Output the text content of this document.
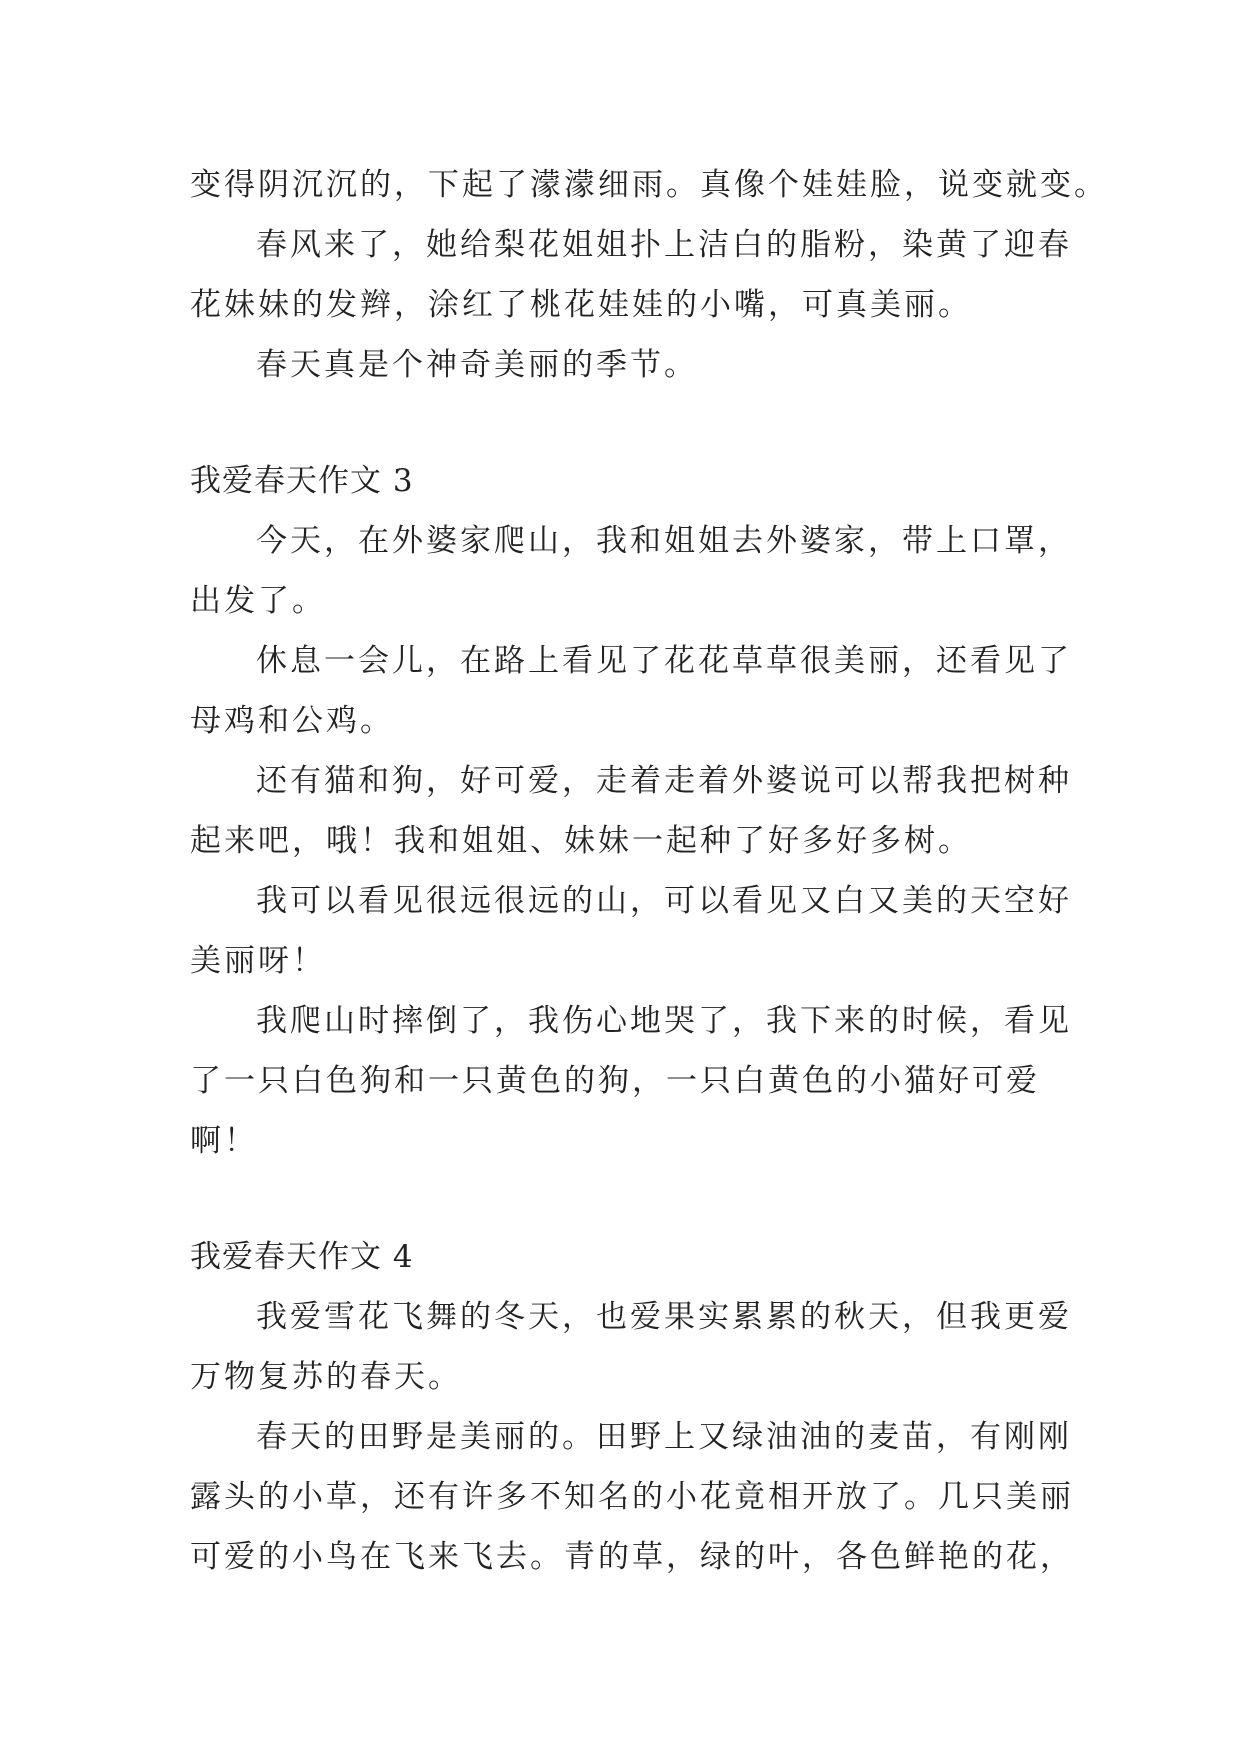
变得阴沉沉的，下起了濛濛细雨。真像个娃娃脸，说变就变。
春风来了，她给梨花姐姐扑上洁白的脂粉，染黄了迎春
花妹妹的发辫，涂红了桃花娃娃的小嘴，可真美丽。
春天真是个神奇美丽的季节。
我爱春天作文 3
今天，在外婆家爬山，我和姐姐去外婆家，带上口罩，
出发了。
休息一会儿，在路上看见了花花草草很美丽，还看见了
母鸡和公鸡。
还有猫和狗，好可爱，走着走着外婆说可以帮我把树种
起来吧，哦！我和姐姐、妹妹一起种了好多好多树。
我可以看见很远很远的山，可以看见又白又美的天空好
美丽呀！
我爬山时摔倒了，我伤心地哭了，我下来的时候，看见
了一只白色狗和一只黄色的狗，一只白黄色的小猫好可爱
啊！
我爱春天作文 4
我爱雪花飞舞的冬天，也爱果实累累的秋天，但我更爱
万物复苏的春天。
春天的田野是美丽的。田野上又绿油油的麦苗，有刚刚
露头的小草，还有许多不知名的小花竟相开放了。几只美丽
可爱的小鸟在飞来飞去。青的草，绿的叶，各色鲜艳的花，
